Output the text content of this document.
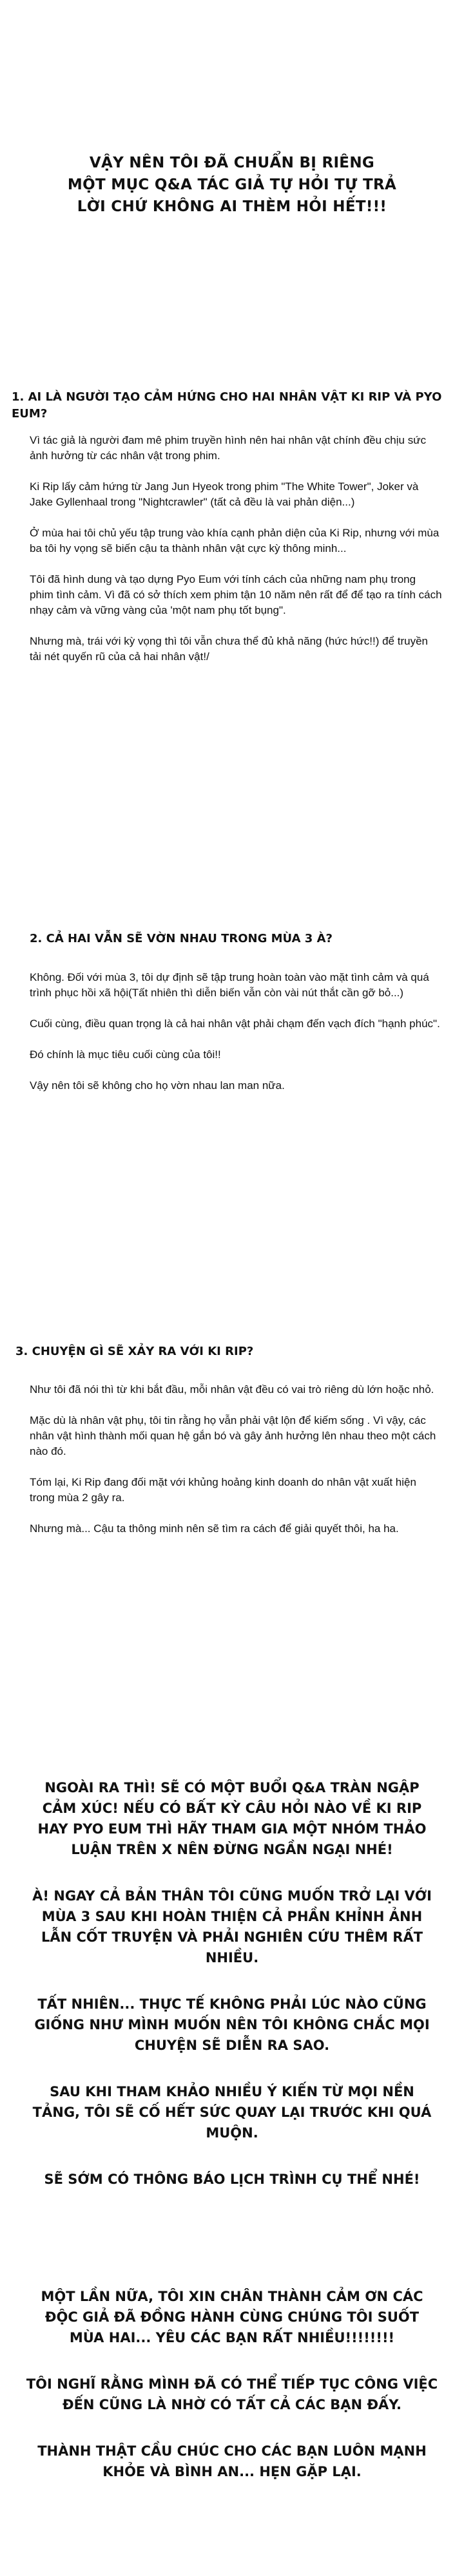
VẬY NÊN TÔI ĐÃ CHUẨN BỊ RIÊNG
MỘT MỤC Q&A TÁC GIẢ TỰ HỎI TỰ TRẢ
LỜI CHỨ KHÔNG AI THÈM HỎI HẾT!!!
1. AI LÀ NGƯỜI TẠO CẢM HỨNG CHO HAI NHÂN VẬT KI RIP VÀ PYO EUM?

Vì tác giả là người đam mê phim truyền hình nên hai nhân vật chính đều chịu sức ảnh hưởng từ các nhân vật trong phim.

Ki Rip lấy cảm hứng từ Jang Jun Hyeok trong phim "The White Tower", Joker và Jake Gyllenhaal trong "Nightcrawler" (tất cả đều là vai phản diện...)

Ở mùa hai tôi chủ yếu tập trung vào khía cạnh phản diện của Ki Rip, nhưng với mùa ba tôi hy vọng sẽ biến cậu ta thành nhân vật cực kỳ thông minh...

Tôi đã hình dung và tạo dựng Pyo Eum với tính cách của những nam phụ trong phim tình cảm. Vì đã có sở thích xem phim tận 10 năm nên rất để để tạo ra tính cách nhạy cảm và vững vàng của 'một nam phụ tốt bụng".

Nhưng mà, trái với kỳ vọng thì tôi vẫn chưa thể đủ khả năng (hức hức!!) để truyền tải nét quyến rũ của cả hai nhân vật!/

2. CẢ HAI VẪN SẼ VỜN NHAU TRONG MÙA 3 À?

Không. Đối với mùa 3, tôi dự định sẽ tập trung hoàn toàn vào mặt tình cảm và quá trình phục hồi xã hội(Tất nhiên thì diễn biến vẫn còn vài nút thắt cần gỡ bỏ...)

Cuối cùng, điều quan trọng là cả hai nhân vật phải chạm đến vạch đích "hạnh phúc".

Đó chính là mục tiêu cuối cùng của tôi!!

Vậy nên tôi sẽ không cho họ vờn nhau lan man nữa.

3. CHUYỆN GÌ SẼ XẢY RA VỚI KI RIP?

Như tôi đã nói thì từ khi bắt đầu, mỗi nhân vật đều có vai trò riêng dù lớn hoặc nhỏ.

Mặc dù là nhân vật phụ, tôi tin rằng họ vẫn phải vật lộn để kiếm sống . Vì vậy, các nhân vật hình thành mối quan hệ gắn bó và gây ảnh hưởng lên nhau theo một cách nào đó.

Tóm lại, Ki Rip đang đối mặt với khủng hoảng kinh doanh do nhân vật xuất hiện trong mùa 2 gây ra.

Nhưng mà... Cậu ta thông minh nên sẽ tìm ra cách để giải quyết thôi, ha ha.

NGOÀI RA THÌ! SẼ CÓ MỘT BUỔI Q&A TRÀN NGẬP CẢM XÚC! NẾU CÓ BẤT KỲ CÂU HỎI NÀO VỀ KI RIP HAY PYO EUM THÌ HÃY THAM GIA MỘT NHÓM THẢO LUẬN TRÊN X NÊN ĐỪNG NGẦN NGẠI NHÉ!

À! NGAY CẢ BẢN THÂN TÔI CŨNG MUỐN TRỞ LẠI VỚI MÙA 3 SAU KHI HOÀN THIỆN CẢ PHẦN KHỈNH ẢNH LẪN CỐT TRUYỆN VÀ PHẢI NGHIÊN CỨU THÊM RẤT NHIỀU.

TẤT NHIÊN... THỰC TẾ KHÔNG PHẢI LÚC NÀO CŨNG GIỐNG NHƯ MÌNH MUỐN NÊN TÔI KHÔNG CHẮC MỌI CHUYỆN SẼ DIỄN RA SAO.

SAU KHI THAM KHẢO NHIỀU Ý KIẾN TỪ MỌI NỀN TẢNG, TÔI SẼ CỐ HẾT SỨC QUAY LẠI TRƯỚC KHI QUÁ MUỘN.

SẼ SỚM CÓ THÔNG BÁO LỊCH TRÌNH CỤ THỂ NHÉ!

MỘT LẦN NỮA, TÔI XIN CHÂN THÀNH CẢM ƠN CÁC ĐỘC GIẢ ĐÃ ĐỒNG HÀNH CÙNG CHÚNG TÔI SUỐT MÙA HAI... YÊU CÁC BẠN RẤT NHIỀU!!!!!!!!

TÔI NGHĨ RẰNG MÌNH ĐÃ CÓ THỂ TIẾP TỤC CÔNG VIỆC ĐẾN CŨNG LÀ NHỜ CÓ TẤT CẢ CÁC BẠN ĐẤY.

THÀNH THẬT CẦU CHÚC CHO CÁC BẠN LUÔN MẠNH KHỎE VÀ BÌNH AN... HẸN GẶP LẠI.
